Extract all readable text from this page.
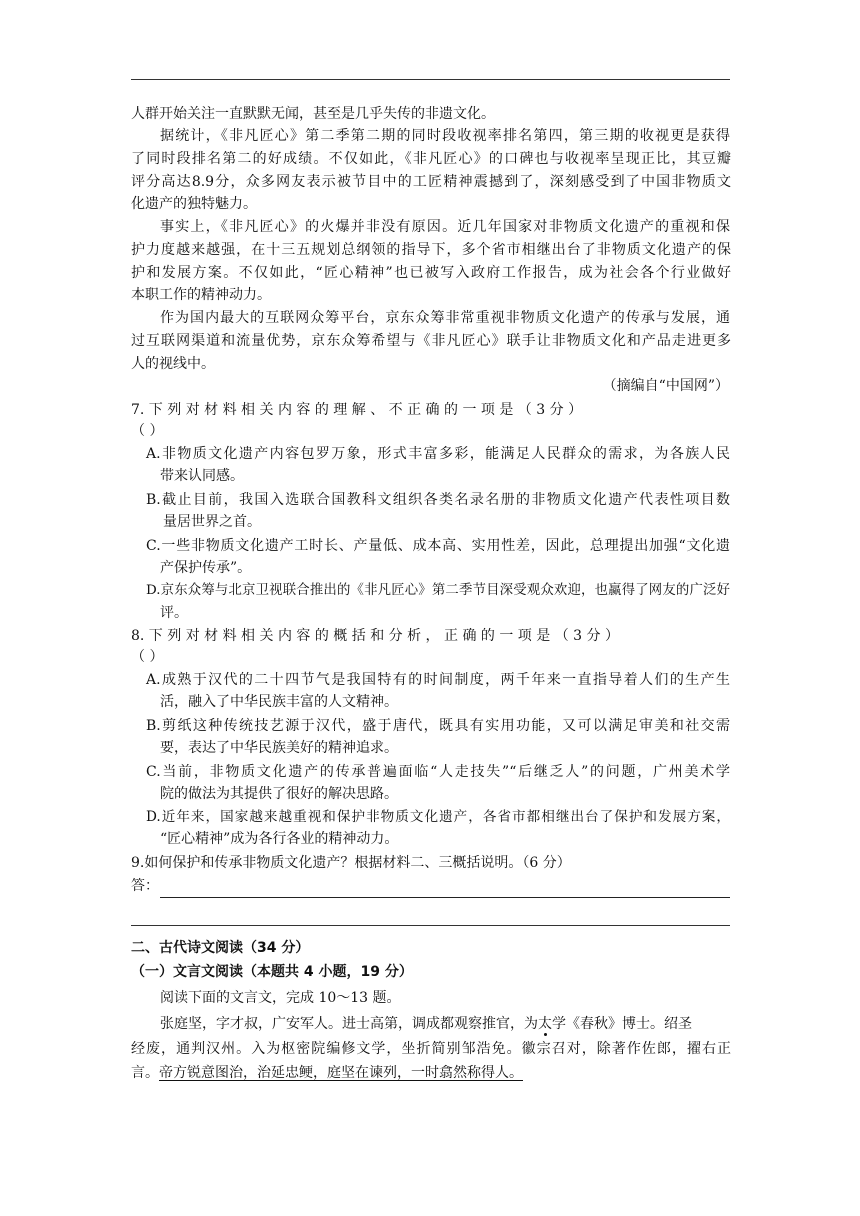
人群开始关注一直默默无闻，甚至是几乎失传的非遗文化。
据统计，《非凡匠心》第二季第二期的同时段收视率排名第四，第三期的收视更是获得
了同时段排名第二的好成绩。不仅如此，《非凡匠心》的口碑也与收视率呈现正比，其豆瓣
评分高达8.9分，众多网友表示被节目中的工匠精神震撼到了，深刻感受到了中国非物质文
化遗产的独特魅力。
事实上，《非凡匠心》的火爆并非没有原因。近几年国家对非物质文化遗产的重视和保
护力度越来越强，在十三五规划总纲领的指导下，多个省市相继出台了非物质文化遗产的保
护和发展方案。不仅如此，“匠心精神”也已被写入政府工作报告，成为社会各个行业做好
本职工作的精神动力。
作为国内最大的互联网众筹平台，京东众筹非常重视非物质文化遗产的传承与发展，通
过互联网渠道和流量优势，京东众筹希望与《非凡匠心》联手让非物质文化和产品走进更多
人的视线中。
（摘编自“中国网”）
7. 下 列 对 材 料 相 关 内 容 的 理 解 、 不 正 确 的 一 项 是 （ 3 分 ）
（ ）
A.非物质文化遗产内容包罗万象，形式丰富多彩，能满足人民群众的需求，为各族人民
带来认同感。
B.截止目前，我国入选联合国教科文组织各类名录名册的非物质文化遗产代表性项目数
量居世界之首。
C.一些非物质文化遗产工时长、产量低、成本高、实用性差，因此，总理提出加强“文化遗
产保护传承”。
D.京东众筹与北京卫视联合推出的《非凡匠心》第二季节目深受观众欢迎，也赢得了网友的广泛好
评。
8. 下 列 对 材 料 相 关 内 容 的 概 括 和 分 析 ， 正 确 的 一 项 是 （ 3 分 ）
（ ）
A.成熟于汉代的二十四节气是我国特有的时间制度，两千年来一直指导着人们的生产生
活，融入了中华民族丰富的人文精神。
B.剪纸这种传统技艺源于汉代，盛于唐代，既具有实用功能，又可以满足审美和社交需
要，表达了中华民族美好的精神追求。
C.当前，非物质文化遗产的传承普遍面临“人走技失”“后继乏人”的问题，广州美术学
院的做法为其提供了很好的解决思路。
D.近年来，国家越来越重视和保护非物质文化遗产，各省市都相继出台了保护和发展方案，
“匠心精神”成为各行各业的精神动力。
9.如何保护和传承非物质文化遗产？根据材料二、三概括说明。（6 分）
答：
二、古代诗文阅读（34 分）
（一）文言文阅读（本题共 4 小题，19 分）
阅读下面的文言文，完成 10～13 题。
张庭坚，字才叔，广安军人。进士高第，调成都观察推官，为太学《春秋》博士。绍圣
经废，通判汉州。入为枢密院编修文学，坐折简别邹浩免。徽宗召对，除著作佐郎，擢右正
言。帝方锐意图治，治延忠鲠，庭坚在谏列，一时翕然称得人。
